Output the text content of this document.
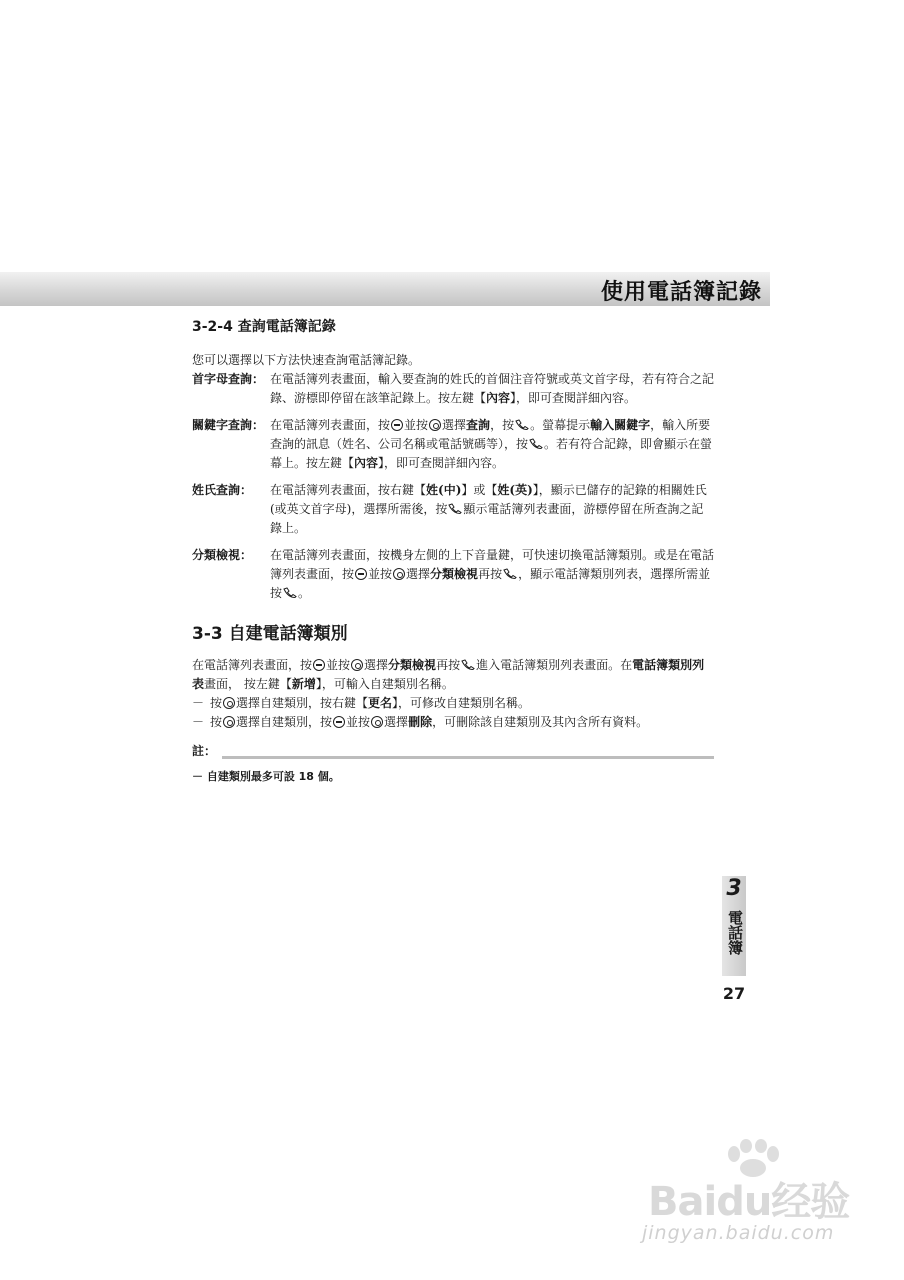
使用電話簿記錄
3-2-4 查詢電話簿記錄

您可以選擇以下方法快速查詢電話簿記錄。

首字母查詢： 在電話簿列表畫面，輸入要查詢的姓氏的首個注音符號或英文首字母，若有符合之記錄、游標即停留在該筆記錄上。按左鍵【內容】，即可查閱詳細內容。
關鍵字查詢： 在電話簿列表畫面，按 並按 選擇查詢，按 。螢幕提示輸入關鍵字，輸入所要查詢的訊息（姓名、公司名稱或電話號碼等），按 。若有符合記錄，即會顯示在螢幕上。按左鍵【內容】，即可查閱詳細內容。
姓氏查詢：	在電話簿列表畫面，按右鍵【姓(中)】或【姓(英)】，顯示已儲存的記錄的相關姓氏(或英文首字母)，選擇所需後，按 顯示電話簿列表畫面，游標停留在所查詢之記錄上。
分類檢視：	在電話簿列表畫面，按機身左側的上下音量鍵，可快速切換電話簿類別。或是在電話簿列表畫面，按 並按 選擇分類檢視再按 ，顯示電話簿類別列表，選擇所需並按 。
3-3 自建電話簿類別

在電話簿列表畫面，按 並按 選擇分類檢視再按 進入電話簿類別列表畫面。在電話簿類別列表畫面， 按左鍵【新增】，可輸入自建類別名稱。

－ 按 選擇自建類別，按右鍵【更名】，可修改自建類別名稱。
－ 按 選擇自建類別，按 並按 選擇刪除，可刪除該自建類別及其內含所有資料。
註：
－ 自建類別最多可設 18 個。
3
電話簿
27
Baidu经验
jingyan.baidu.com
